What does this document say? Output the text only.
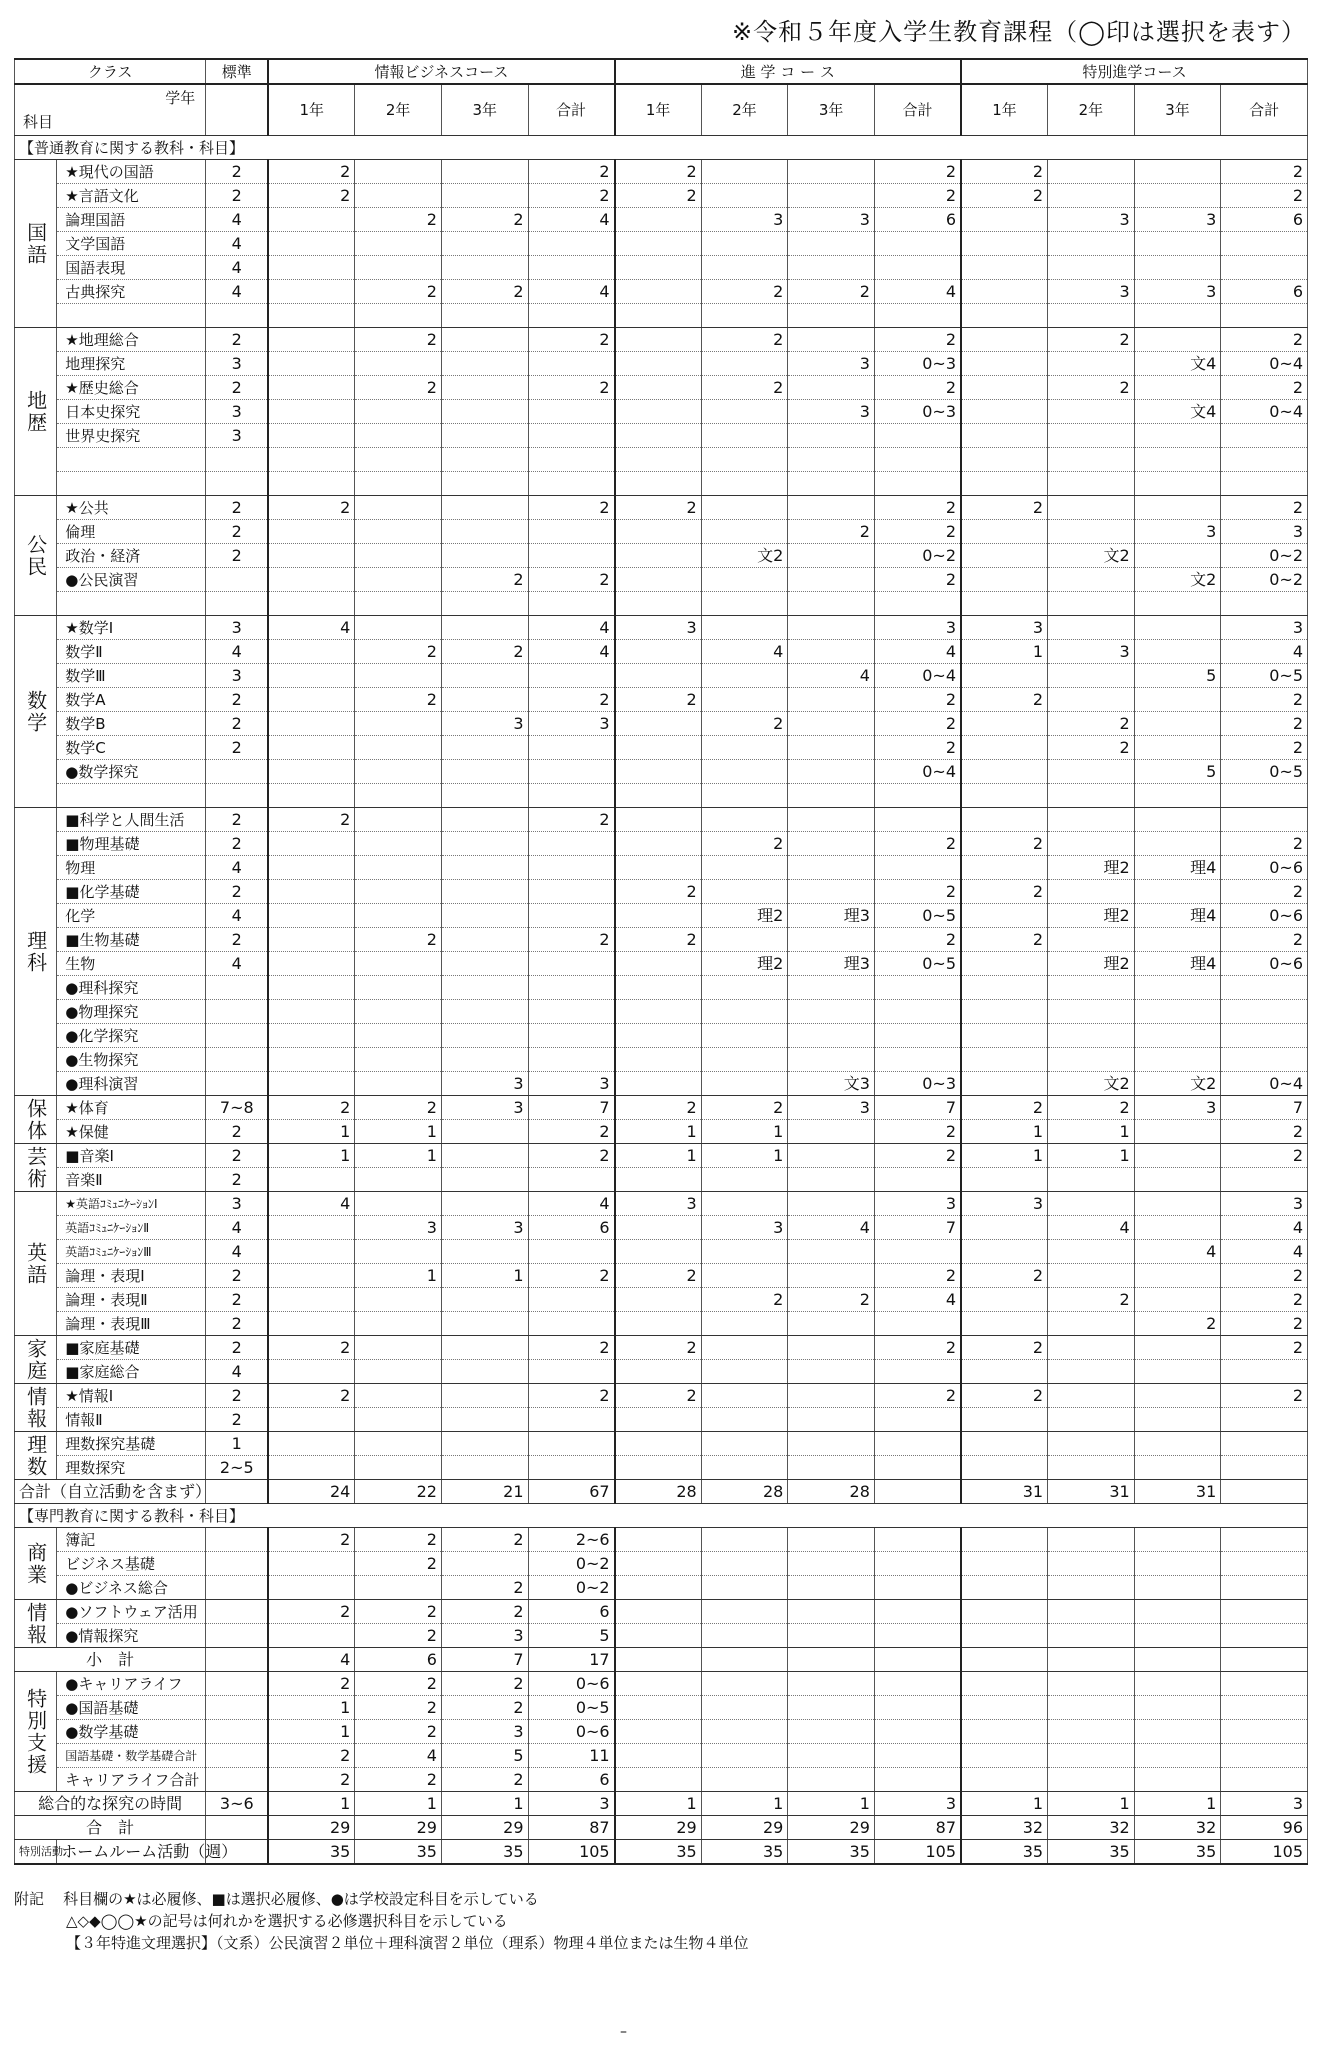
※令和５年度入学生教育課程（◯印は選択を表す）
クラス		標準	情報ビジネスコース				進 学 コ ー ス				特別進学コース			

学年
科目			1年	2年	3年	合計	1年	2年	3年	合計	1年	2年	3年	合計
【普通教育に関する教科・科目】														
国語	★現代の国語	2	2			2	2			2	2			2
	★言語文化	2	2			2	2			2	2			2
	論理国語	4		2	2	4		3	3	6		3	3	6
	文学国語	4												
	国語表現	4												
	古典探究	4		2	2	4		2	2	4		3	3	6

地歴	★地理総合	2		2		2		2		2		2		2
	地理探究	3							3	0~3			文4	0~4
	★歴史総合	2		2		2		2		2		2		2
	日本史探究	3							3	0~3			文4	0~4
	世界史探究	3												

公民	★公共	2	2			2	2			2	2			2
	倫理	2							2	2			3	3
	政治・経済	2						文2		0~2		文2		0~2
	●公民演習				2	2				2			文2	0~2

数学	★数学Ⅰ	3	4			4	3			3	3			3
	数学Ⅱ	4		2	2	4		4		4	1	3		4
	数学Ⅲ	3							4	0~4			5	0~5
	数学A	2		2		2	2			2	2			2
	数学B	2			3	3		2		2		2		2
	数学C	2								2		2		2
	●数学探究									0~4			5	0~5

理科	■科学と人間生活	2	2			2								
	■物理基礎	2						2		2	2			2
	物理	4										理2	理4	0~6
	■化学基礎	2					2			2	2			2
	化学	4						理2	理3	0~5		理2	理4	0~6
	■生物基礎	2		2		2	2			2	2			2
	生物	4						理2	理3	0~5		理2	理4	0~6
	●理科探究													
	●物理探究													
	●化学探究													
	●生物探究													
	●理科演習				3	3			文3	0~3		文2	文2	0~4
保体	★体育	7~8	2	2	3	7	2	2	3	7	2	2	3	7
	★保健	2	1	1		2	1	1		2	1	1		2
芸術	■音楽Ⅰ	2	1	1		2	1	1		2	1	1		2
	音楽Ⅱ	2												
英語	★英語ｺﾐｭﾆｹｰｼｮﾝⅠ	3	4			4	3			3	3			3
	英語ｺﾐｭﾆｹｰｼｮﾝⅡ	4		3	3	6		3	4	7		4		4
	英語ｺﾐｭﾆｹｰｼｮﾝⅢ	4											4	4
	論理・表現Ⅰ	2		1	1	2	2			2	2			2
	論理・表現Ⅱ	2						2	2	4		2		2
	論理・表現Ⅲ	2											2	2
家庭	■家庭基礎	2	2			2	2			2	2			2
	■家庭総合	4												
情報	★情報Ⅰ	2	2			2	2			2	2			2
	情報Ⅱ	2												
理数	理数探究基礎	1												
	理数探究	2~5												
合計（自立活動を含まず）			24	22	21	67	28	28	28		31	31	31	
【専門教育に関する教科・科目】														
商業	簿記		2	2	2	2~6								
	ビジネス基礎			2		0~2								
	●ビジネス総合				2	0~2								
情報	●ソフトウェア活用		2	2	2	6								
	●情報探究			2	3	5								
小　計			4	6	7	17								
特別支援	●キャリアライフ		2	2	2	0~6								
	●国語基礎		1	2	2	0~5								
	●数学基礎		1	2	3	0~6								
	国語基礎・数学基礎合計		2	4	5	11								
	キャリアライフ合計		2	2	2	6								
総合的な探究の時間		3~6	1	1	1	3	1	1	1	3	1	1	1	3
合　計			29	29	29	87	29	29	29	87	32	32	32	96
特別活動	ホームルーム活動（週）		35	35	35	105	35	35	35	105	35	35	35	105
附記 科目欄の★は必履修、■は選択必履修、●は学校設定科目を示している
△◇◆◯◯★の記号は何れかを選択する必修選択科目を示している
【３年特進文理選択】（文系）公民演習２単位＋理科演習２単位（理系）物理４単位または生物４単位
–
